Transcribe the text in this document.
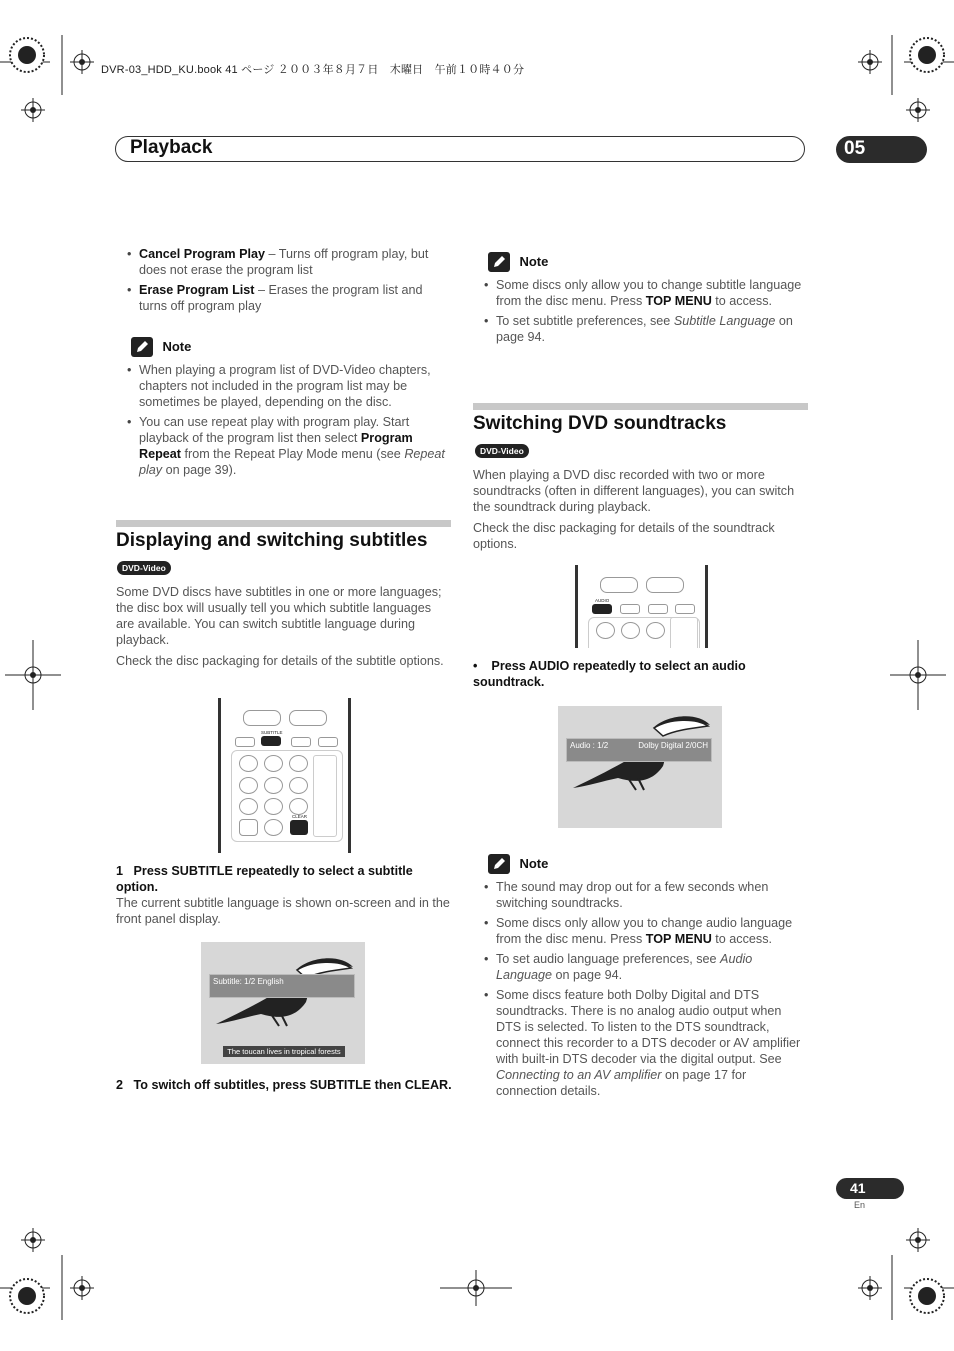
DVR-03_HDD_KU.book 41 ページ ２００３年８月７日　木曜日　午前１０時４０分
Playback	05
• Cancel Program Play – Turns off program play, but does not erase the program list
• Erase Program List – Erases the program list and turns off program play
Note
• When playing a program list of DVD-Video chapters, chapters not included in the program list may be sometimes be played, depending on the disc.
• You can use repeat play with program play. Start playback of the program list then select Program Repeat from the Repeat Play Mode menu (see Repeat play on page 39).
Displaying and switching subtitles
DVD-Video
Some DVD discs have subtitles in one or more languages; the disc box will usually tell you which subtitle languages are available. You can switch subtitle language during playback.
Check the disc packaging for details of the subtitle options.
SUBTITLE
CLEAR
1 Press SUBTITLE repeatedly to select a subtitle option.
The current subtitle language is shown on-screen and in the front panel display.
Subtitle: 1/2 English
The toucan lives in tropical forests
2 To switch off subtitles, press SUBTITLE then CLEAR.
Note
• Some discs only allow you to change subtitle language from the disc menu. Press TOP MENU to access.
• To set subtitle preferences, see Subtitle Language on page 94.
Switching DVD soundtracks
DVD-Video
When playing a DVD disc recorded with two or more soundtracks (often in different languages), you can switch the soundtrack during playback.
Check the disc packaging for details of the soundtrack options.
AUDIO
• Press AUDIO repeatedly to select an audio soundtrack.
Audio : 1/2	Dolby Digital 2/0CH
Note
• The sound may drop out for a few seconds when switching soundtracks.
• Some discs only allow you to change audio language from the disc menu. Press TOP MENU to access.
• To set audio language preferences, see Audio Language on page 94.
• Some discs feature both Dolby Digital and DTS soundtracks. There is no analog audio output when DTS is selected. To listen to the DTS soundtrack, connect this recorder to a DTS decoder or AV amplifier with built-in DTS decoder via the digital output. See Connecting to an AV amplifier on page 17 for connection details.
41
En
